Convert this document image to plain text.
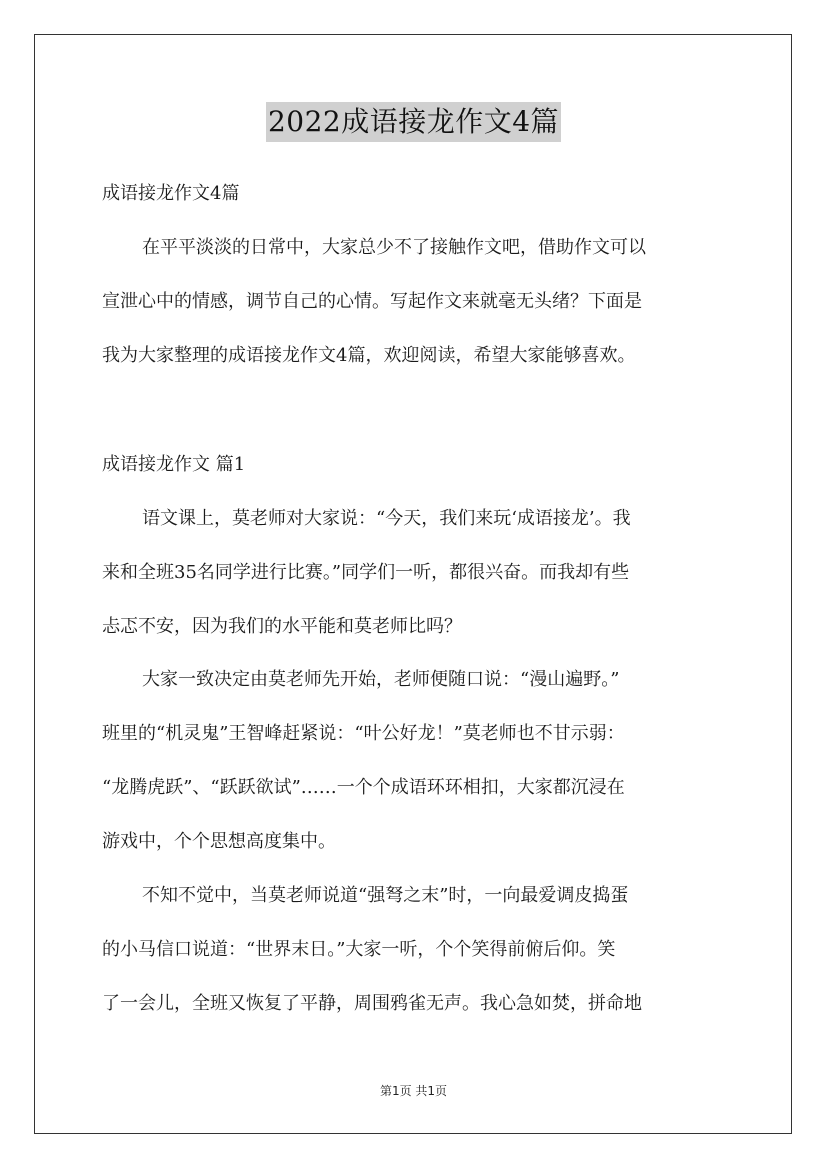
2022成语接龙作文4篇
成语接龙作文4篇
在平平淡淡的日常中，大家总少不了接触作文吧，借助作文可以
宣泄心中的情感，调节自己的心情。写起作文来就毫无头绪？下面是
我为大家整理的成语接龙作文4篇，欢迎阅读，希望大家能够喜欢。
成语接龙作文 篇1
语文课上，莫老师对大家说：“今天，我们来玩‘成语接龙’。我
来和全班35名同学进行比赛。”同学们一听，都很兴奋。而我却有些
忐忑不安，因为我们的水平能和莫老师比吗？
大家一致决定由莫老师先开始，老师便随口说：“漫山遍野。”
班里的“机灵鬼”王智峰赶紧说：“叶公好龙！”莫老师也不甘示弱：
“龙腾虎跃”、“跃跃欲试”……一个个成语环环相扣，大家都沉浸在
游戏中，个个思想高度集中。
不知不觉中，当莫老师说道“强弩之末”时，一向最爱调皮捣蛋
的小马信口说道：“世界末日。”大家一听，个个笑得前俯后仰。笑
了一会儿，全班又恢复了平静，周围鸦雀无声。我心急如焚，拼命地
第1页 共1页
